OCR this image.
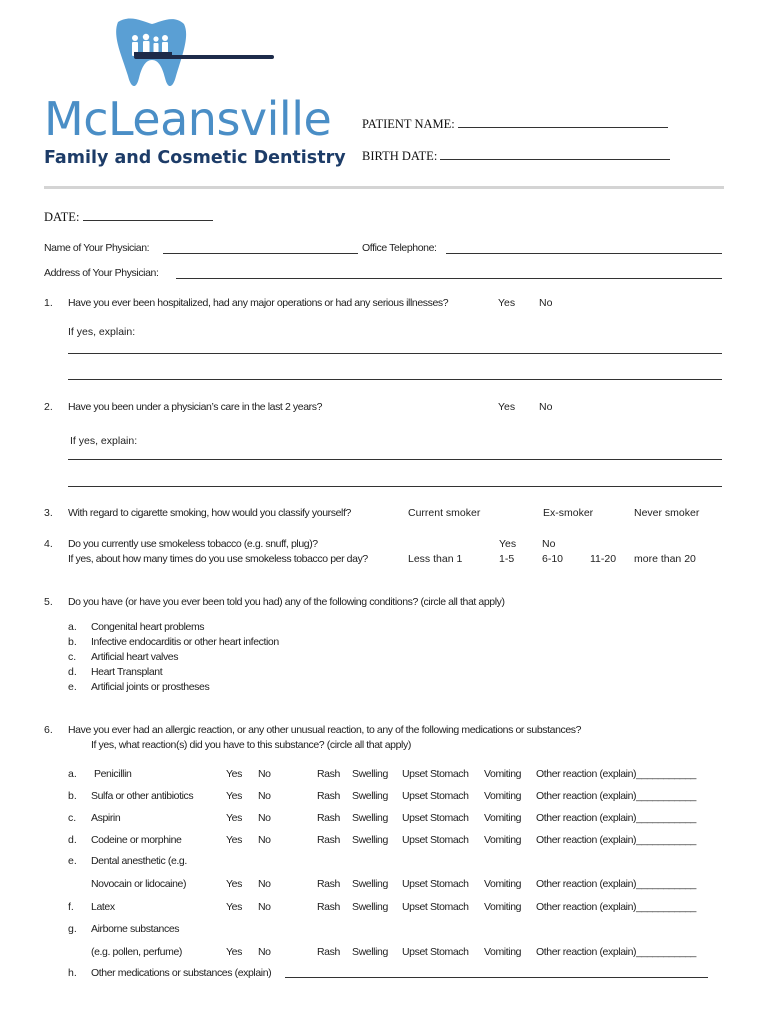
McLeansville
Family and Cosmetic Dentistry
PATIENT NAME:
BIRTH DATE:
DATE:
Name of Your Physician:	Office Telephone:
Address of Your Physician:
1. Have you ever been hospitalized, had any major operations or had any serious illnesses?	Yes No
If yes, explain:
2. Have you been under a physician’s care in the last 2 years?	Yes No
If yes, explain:
3. With regard to cigarette smoking, how would you classify yourself?	Current smoker	Ex-smoker	Never smoker
4. Do you currently use smokeless tobacco (e.g. snuff, plug)?	Yes No
If yes, about how many times do you use smokeless tobacco per day?	Less than 1	1-5	6-10	11-20 more than 20
5. Do you have (or have you ever been told you had) any of the following conditions? (circle all that apply)
a. Congenital heart problems
b. Infective endocarditis or other heart infection
c. Artificial heart valves
d. Heart Transplant
e. Artificial joints or prostheses
6. Have you ever had an allergic reaction, or any other unusual reaction, to any of the following medications or substances?
If yes, what reaction(s) did you have to this substance? (circle all that apply)
a. Penicillin	Yes No	Rash Swelling Upset Stomach Vomiting Other reaction (explain)___________
b. Sulfa or other antibiotics	Yes No	Rash Swelling Upset Stomach Vomiting Other reaction (explain)___________
c. Aspirin	Yes No	Rash Swelling Upset Stomach Vomiting Other reaction (explain)___________
d. Codeine or morphine	Yes No	Rash Swelling Upset Stomach Vomiting Other reaction (explain)___________
e. Dental anesthetic (e.g.
Novocain or lidocaine)	Yes No	Rash Swelling Upset Stomach Vomiting Other reaction (explain)___________
f. Latex	Yes No	Rash Swelling Upset Stomach Vomiting Other reaction (explain)___________
g. Airborne substances
(e.g. pollen, perfume)	Yes No	Rash Swelling Upset Stomach Vomiting Other reaction (explain)___________
h. Other medications or substances (explain)
